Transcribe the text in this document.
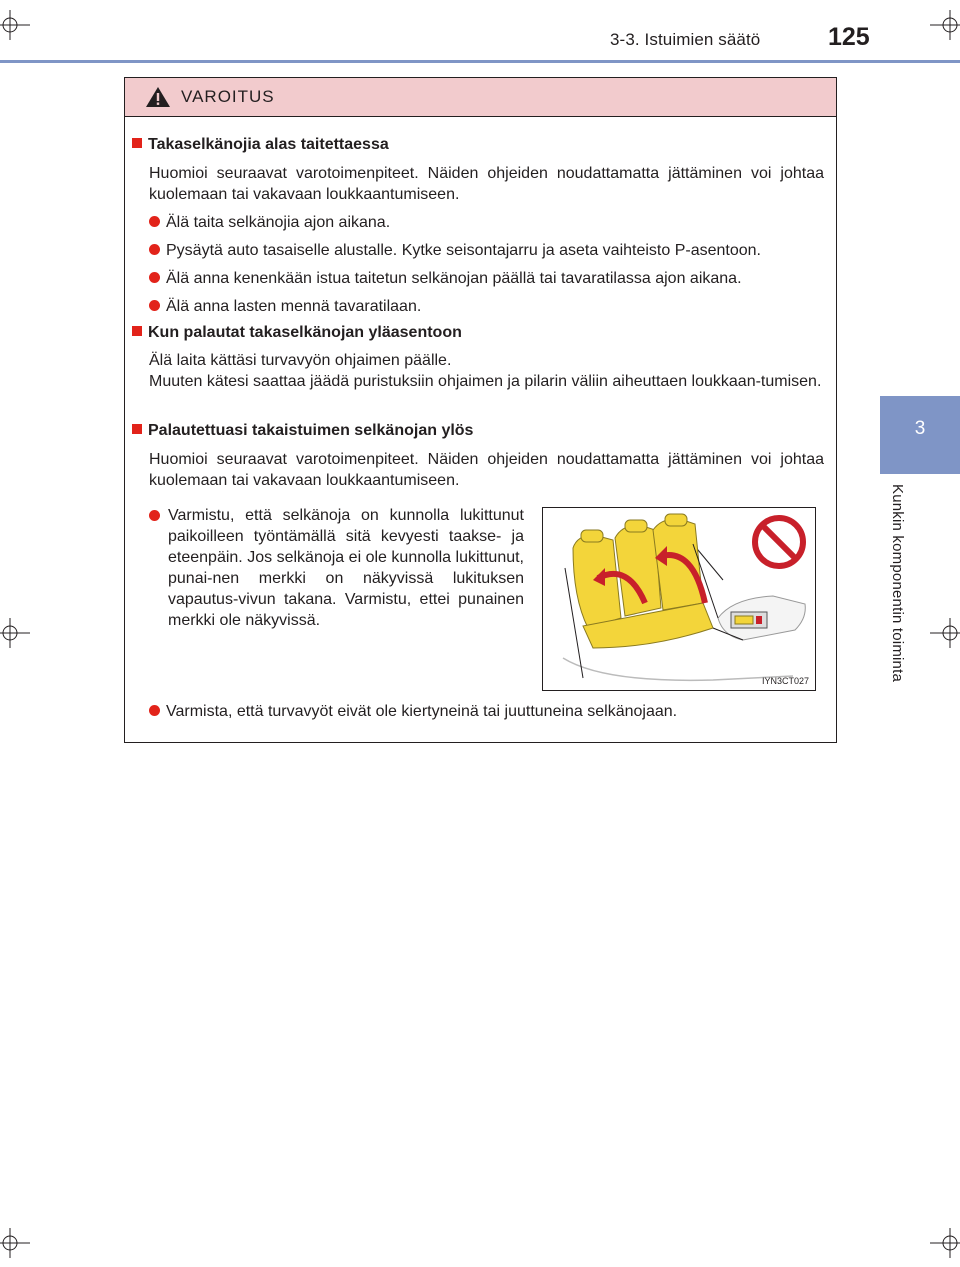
3-3. Istuimien säätö	125
3
Kunkin komponentin toiminta
VAROITUS
Takaselkänojia alas taitettaessa
Huomioi seuraavat varotoimenpiteet. Näiden ohjeiden noudattamatta jättäminen voi johtaa kuolemaan tai vakavaan loukkaantumiseen.
Älä taita selkänojia ajon aikana.
Pysäytä auto tasaiselle alustalle. Kytke seisontajarru ja aseta vaihteisto P-asentoon.
Älä anna kenenkään istua taitetun selkänojan päällä tai tavaratilassa ajon aikana.
Älä anna lasten mennä tavaratilaan.
Kun palautat takaselkänojan yläasentoon
Älä laita kättäsi turvavyön ohjaimen päälle.
Muuten kätesi saattaa jäädä puristuksiin ohjaimen ja pilarin väliin aiheuttaen loukkaan-tumisen.
Palautettuasi takaistuimen selkänojan ylös
Huomioi seuraavat varotoimenpiteet. Näiden ohjeiden noudattamatta jättäminen voi johtaa kuolemaan tai vakavaan loukkaantumiseen.
Varmistu, että selkänoja on kunnolla lukittunut paikoilleen työntämällä sitä kevyesti taakse- ja eteenpäin. Jos selkänoja ei ole kunnolla lukittunut, punai-nen merkki on näkyvissä lukituksen vapautus-vivun takana. Varmistu, ettei punainen merkki ole näkyvissä.
IYN3CT027
Varmista, että turvavyöt eivät ole kiertyneinä tai juuttuneina selkänojaan.
